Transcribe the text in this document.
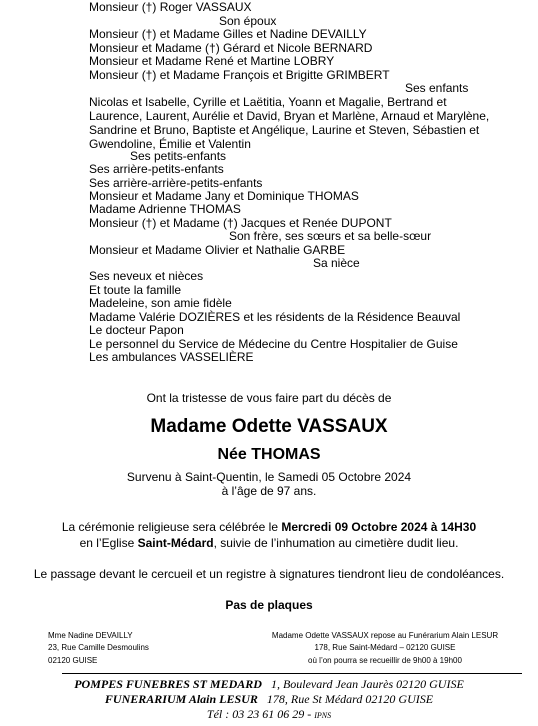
Monsieur (†) Roger VASSAUX
Son époux
Monsieur (†) et Madame Gilles et Nadine DEVAILLY
Monsieur et Madame (†) Gérard et Nicole BERNARD
Monsieur et Madame René et Martine LOBRY
Monsieur (†) et Madame François et Brigitte GRIMBERT
Ses enfants
Nicolas et Isabelle, Cyrille et Laëtitia, Yoann et Magalie, Bertrand et Laurence, Laurent, Aurélie et David, Bryan et Marlène, Arnaud et Marylène, Sandrine et Bruno, Baptiste et Angélique, Laurine et Steven, Sébastien et Gwendoline, Émilie et Valentin
Ses petits-enfants
Ses arrière-petits-enfants
Ses arrière-arrière-petits-enfants
Monsieur et Madame Jany et Dominique THOMAS
Madame Adrienne THOMAS
Monsieur (†) et Madame (†) Jacques et Renée DUPONT
Son frère, ses sœurs et sa belle-sœur
Monsieur et Madame Olivier et Nathalie GARBE
Sa nièce
Ses neveux et nièces
Et toute la famille
Madeleine, son amie fidèle
Madame Valérie DOZIÈRES et les résidents de la Résidence Beauval
Le docteur Papon
Le personnel du Service de Médecine du Centre Hospitalier de Guise
Les ambulances VASSELIÈRE
Ont la tristesse de vous faire part du décès de
Madame Odette VASSAUX
Née THOMAS
Survenu à Saint-Quentin, le Samedi 05 Octobre 2024
à l’âge de 97 ans.
La cérémonie religieuse sera célébrée le Mercredi 09 Octobre 2024 à 14H30
en l’Eglise Saint-Médard, suivie de l’inhumation au cimetière dudit lieu.
Le passage devant le cercueil et un registre à signatures tiendront lieu de condoléances.
Pas de plaques
Mme Nadine DEVAILLY
23, Rue Camille Desmoulins
02120 GUISE
Madame Odette VASSAUX repose au Funérarium Alain LESUR
178, Rue Saint-Médard – 02120 GUISE
où l’on pourra se recueillir de 9h00 à 19h00
POMPES FUNEBRES ST MEDARD 1, Boulevard Jean Jaurès 02120 GUISE
FUNERARIUM Alain LESUR 178, Rue St Médard 02120 GUISE
Tél : 03 23 61 06 29 - IPNS
